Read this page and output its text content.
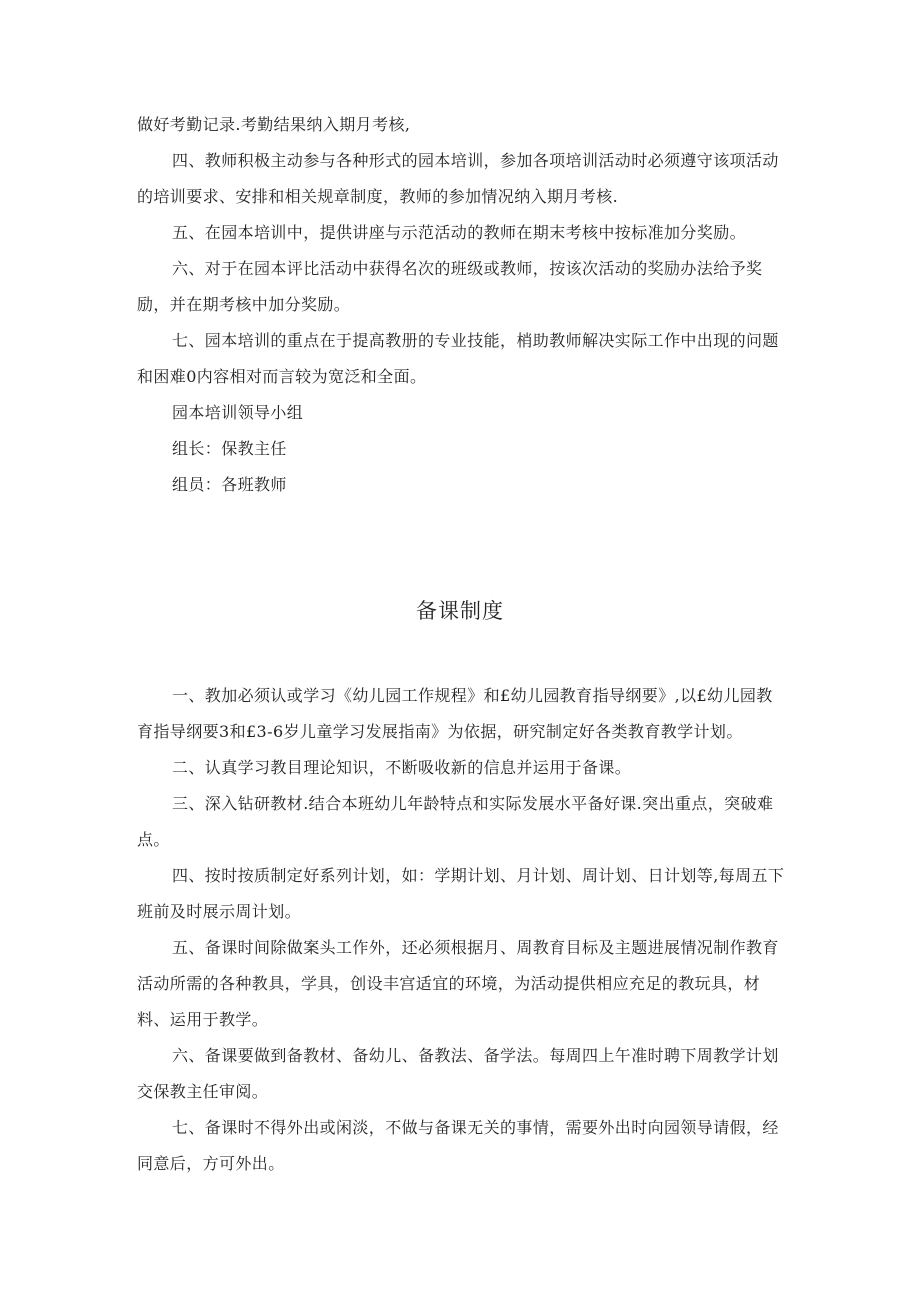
做好考勤记录.考勤结果纳入期月考核,

四、教师积极主动参与各种形式的园本培训，参加各项培训活动时必须遵守该项活动的培训要求、安排和相关规章制度，教师的参加情况纳入期月考核.

五、在园本培训中，提供讲座与示范活动的教师在期末考核中按标准加分奖励。

六、对于在园本评比活动中获得名次的班级或教师，按该次活动的奖励办法给予奖励，并在期考核中加分奖励。

七、园本培训的重点在于提高教册的专业技能，梢助教师解决实际工作中出现的问题和困难0内容相对而言较为宽泛和全面。

园本培训领导小组

组长：保教主任

组员：各班教师

备课制度

一、教加必须认或学习《幼儿园工作规程》和£幼儿园教育指导纲要》,以£幼儿园教育指导纲要3和£3-6岁儿童学习发展指南》为依据，研究制定好各类教育教学计划。

二、认真学习教目理论知识，不断吸收新的信息并运用于备课。

三、深入钻研教材.结合本班幼儿年龄特点和实际发展水平备好课.突出重点，突破难点。

四、按时按质制定好系列计划，如：学期计划、月计划、周计划、日计划等,每周五下班前及时展示周计划。

五、备课时间除做案头工作外，还必须根据月、周教育目标及主题进展情况制作教育活动所需的各种教具，学具，创设丰宫适宜的环境，为活动提供相应充足的教玩具，材料、运用于教学。

六、备课要做到备教材、备幼儿、备教法、备学法。每周四上午准时聘下周教学计划交保教主任审阅。

七、备课时不得外出或闲淡，不做与备课无关的事情，需要外出时向园领导请假，经同意后，方可外出。
